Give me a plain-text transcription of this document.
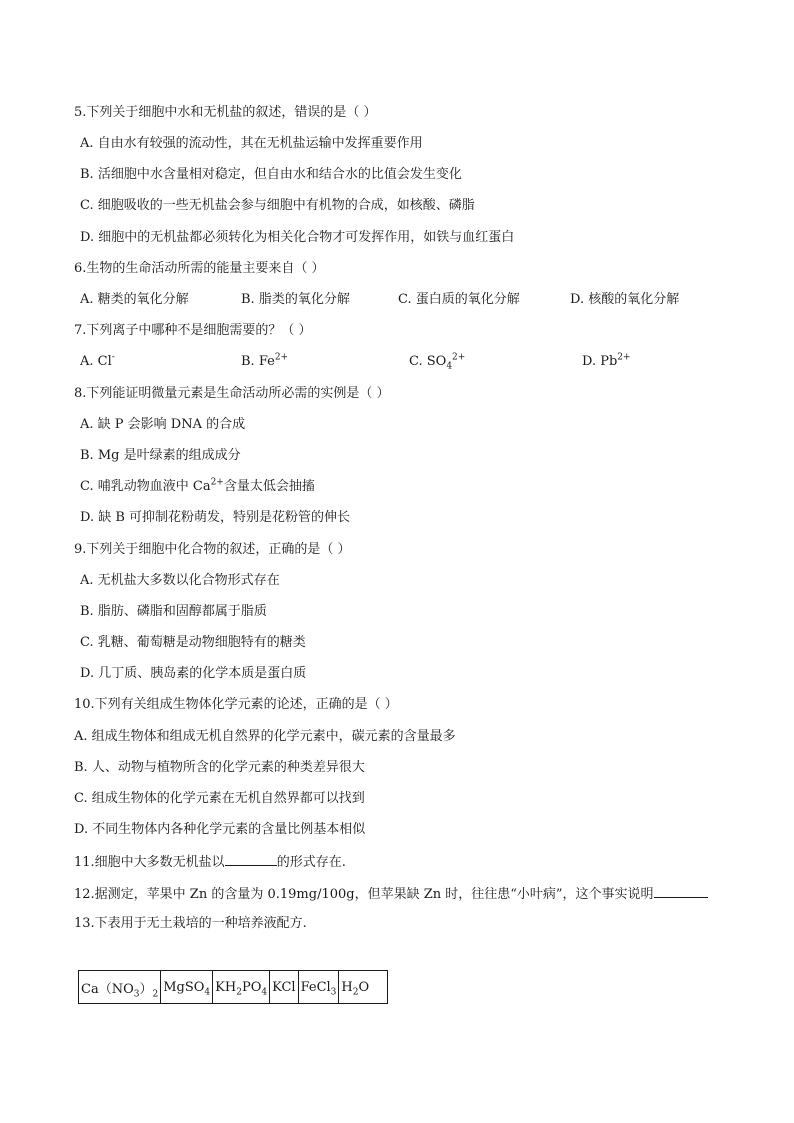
5.下列关于细胞中水和无机盐的叙述，错误的是（ ）
A. 自由水有较强的流动性，其在无机盐运输中发挥重要作用
B. 活细胞中水含量相对稳定，但自由水和结合水的比值会发生变化
C. 细胞吸收的一些无机盐会参与细胞中有机物的合成，如核酸、磷脂
D. 细胞中的无机盐都必须转化为相关化合物才可发挥作用，如铁与血红蛋白
6.生物的生命活动所需的能量主要来自（ ）
A. 糖类的氧化分解	B. 脂类的氧化分解	C. 蛋白质的氧化分解	D. 核酸的氧化分解
7.下列离子中哪种不是细胞需要的？（ ）
A. Cl-	B. $Fe^{2+}$	C. $SO_4^{2+}$	D. $Pb^{2+}$
8.下列能证明微量元素是生命活动所必需的实例是（ ）
A. 缺 P 会影响 DNA 的合成
B. Mg 是叶绿素的组成成分
C. 哺乳动物血液中 $Ca^{2+}$含量太低会抽搐
D. 缺 B 可抑制花粉萌发，特别是花粉管的伸长
9.下列关于细胞中化合物的叙述，正确的是（ ）
A. 无机盐大多数以化合物形式存在
B. 脂肪、磷脂和固醇都属于脂质
C. 乳糖、葡萄糖是动物细胞特有的糖类
D. 几丁质、胰岛素的化学本质是蛋白质
10.下列有关组成生物体化学元素的论述，正确的是（ ）
A. 组成生物体和组成无机自然界的化学元素中，碳元素的含量最多
B. 人、动物与植物所含的化学元素的种类差异很大
C. 组成生物体的化学元素在无机自然界都可以找到
D. 不同生物体内各种化学元素的含量比例基本相似
11.细胞中大多数无机盐以	的形式存在.
12.据测定，苹果中 Zn 的含量为 0.19mg/100g，但苹果缺 Zn 时，往往患“小叶病”，这个事实说明
13.下表用于无土栽培的一种培养液配方.
$Ca(NO_3)_2$	MgSO$_4$	$KH_2PO_4$	KCl	FeCl$_3$	$H_2O$
